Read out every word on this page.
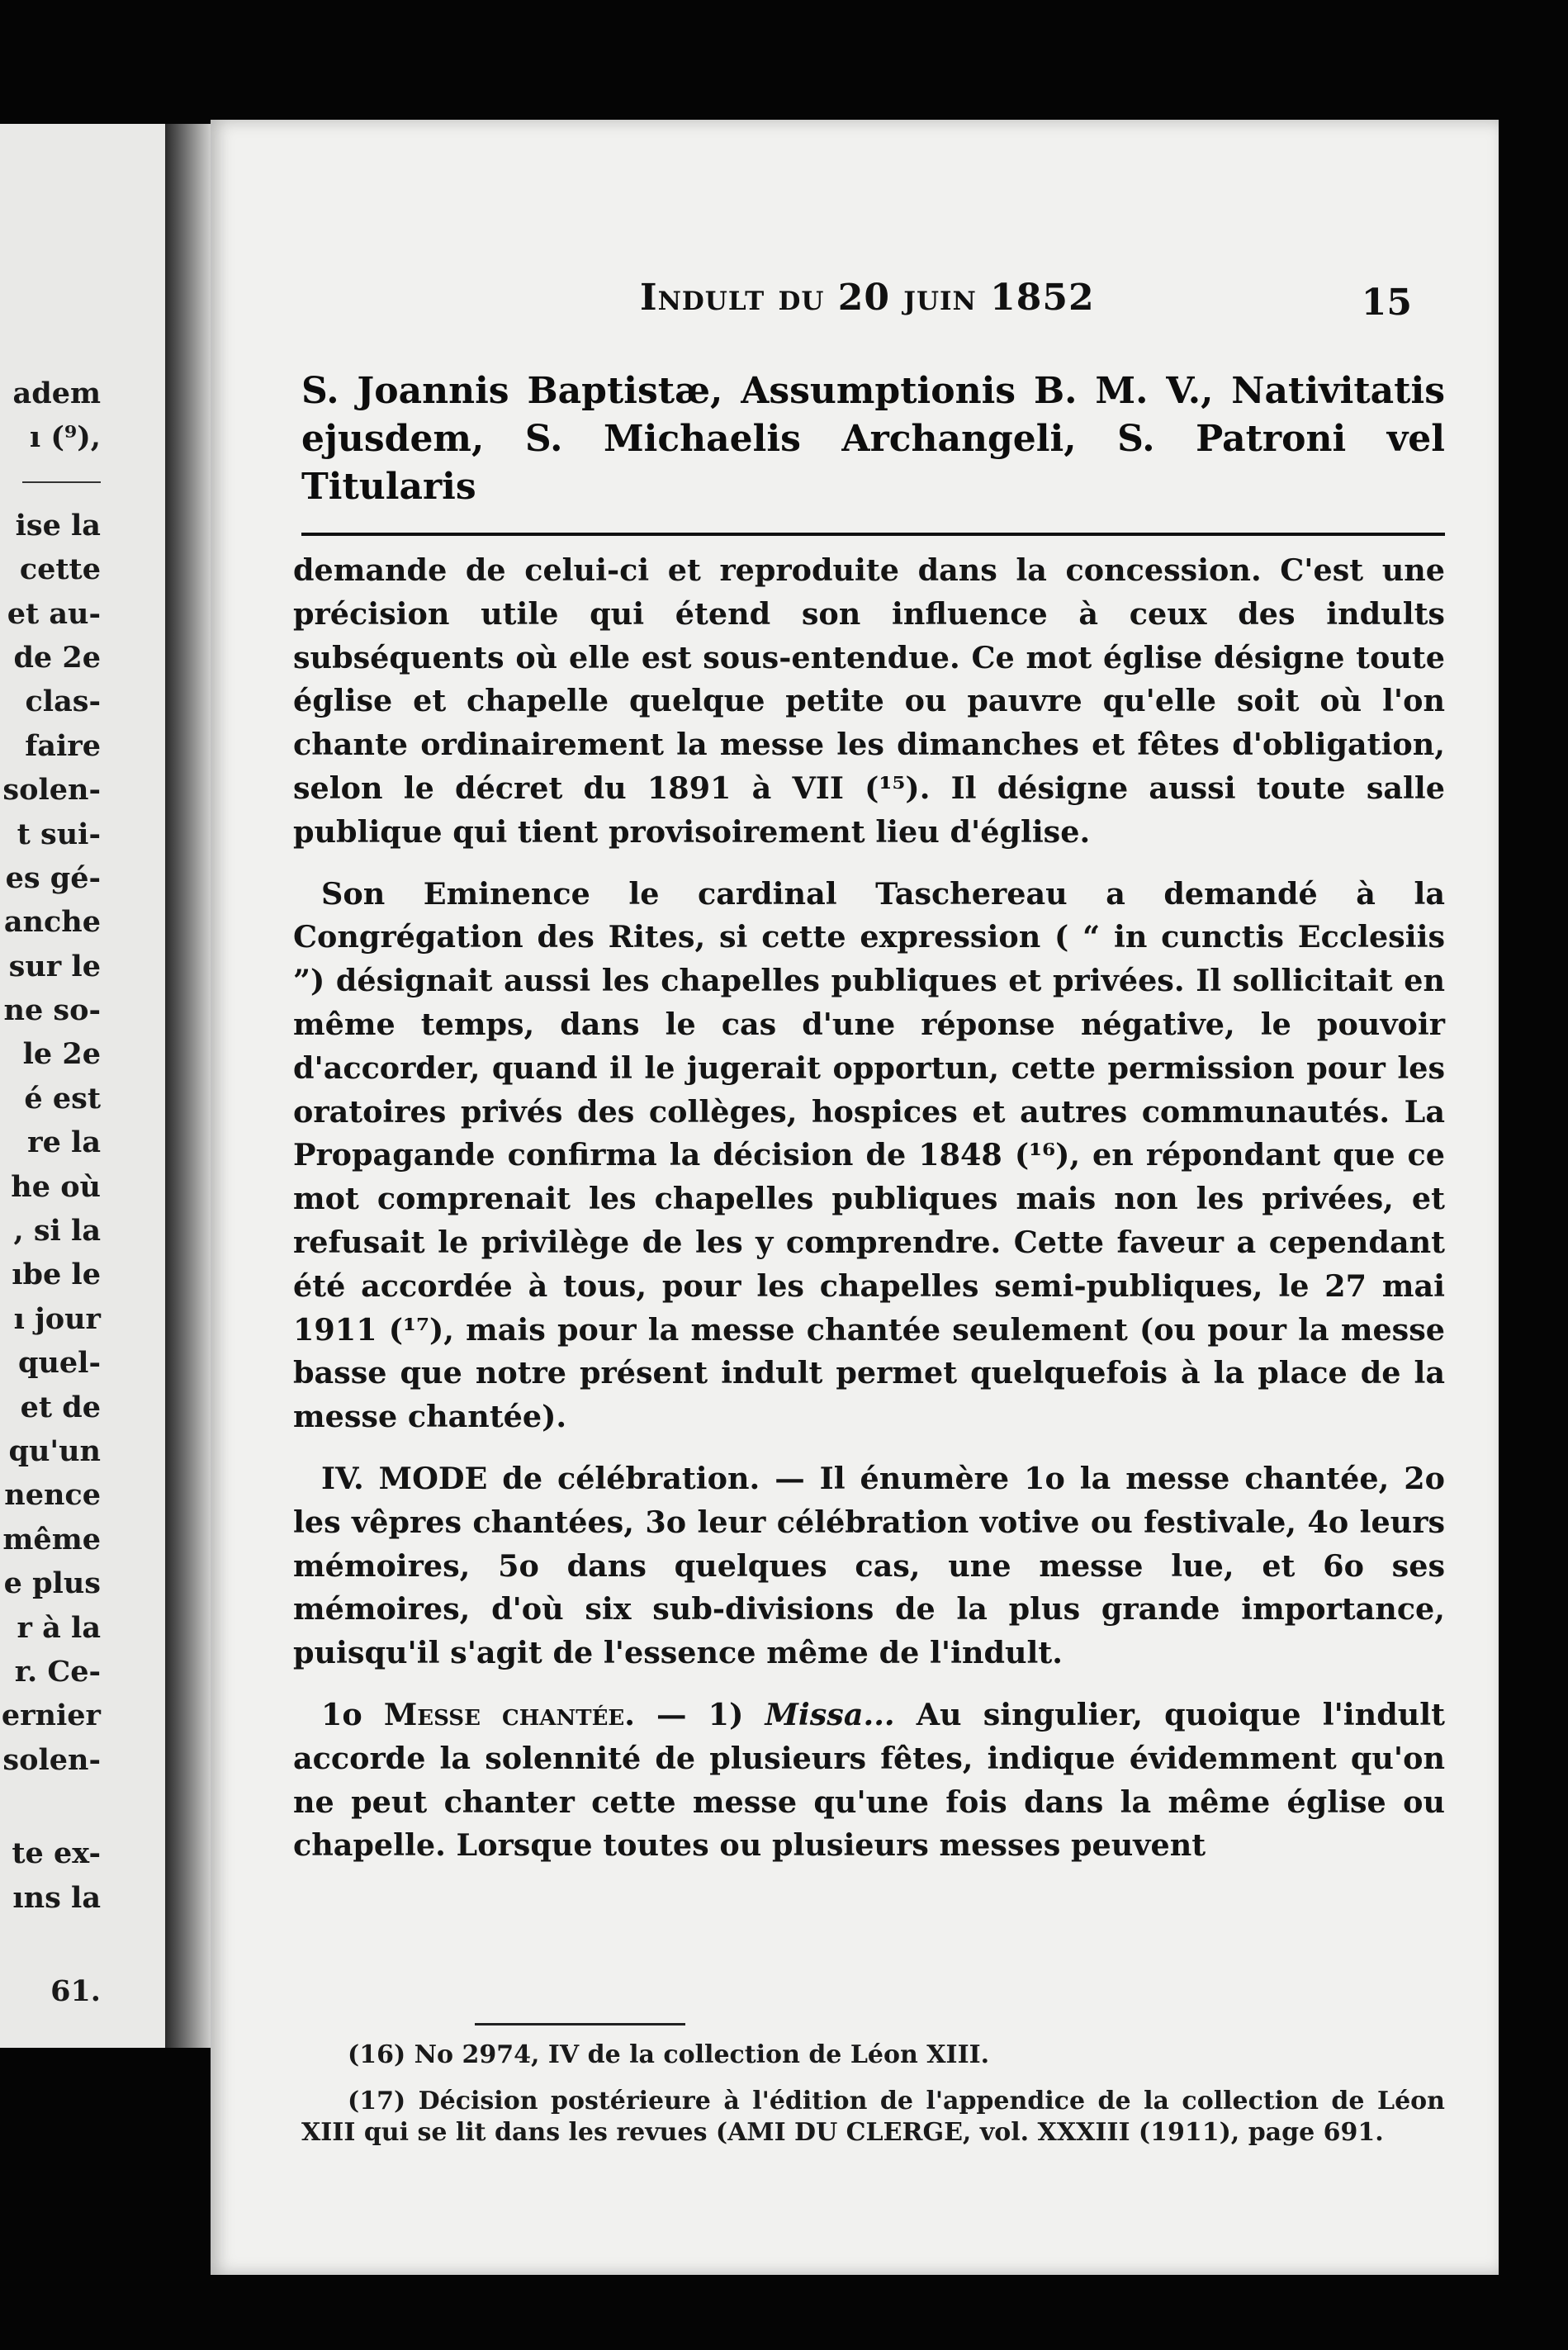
adem
ı (⁹),
ise la
cette
et au-
de 2e
clas-
faire
solen-
t sui-
es gé-
anche
sur le
ne so-
le 2e
é est
re la
he où
, si la
ıbe le
ı jour
quel-
et de
qu'un
nence
même
e plus
r à la
r. Ce-
ernier
solen-
te ex-
ıns la
61.
Indult du 20 juin 1852	15
S. Joannis Baptistæ, Assumptionis B. M. V., Nativitatis ejusdem, S. Michaelis Archangeli, S. Patroni vel Titularis

demande de celui-ci et reproduite dans la concession. C'est une précision utile qui étend son influence à ceux des indults subséquents où elle est sous-entendue. Ce mot église désigne toute église et chapelle quelque petite ou pauvre qu'elle soit où l'on chante ordinairement la messe les dimanches et fêtes d'obligation, selon le décret du 1891 à VII (¹⁵). Il désigne aussi toute salle publique qui tient provisoirement lieu d'église.

Son Eminence le cardinal Taschereau a demandé à la Congrégation des Rites, si cette expression ( “ in cunctis Ecclesiis ”) désignait aussi les chapelles publiques et privées. Il sollicitait en même temps, dans le cas d'une réponse négative, le pouvoir d'accorder, quand il le jugerait opportun, cette permission pour les oratoires privés des collèges, hospices et autres communautés. La Propagande confirma la décision de 1848 (¹⁶), en répondant que ce mot comprenait les chapelles publiques mais non les privées, et refusait le privilège de les y comprendre. Cette faveur a cependant été accordée à tous, pour les chapelles semi-publiques, le 27 mai 1911 (¹⁷), mais pour la messe chantée seulement (ou pour la messe basse que notre présent indult permet quelquefois à la place de la messe chantée).

IV. MODE de célébration. — Il énumère 1o la messe chantée, 2o les vêpres chantées, 3o leur célébration votive ou festivale, 4o leurs mémoires, 5o dans quelques cas, une messe lue, et 6o ses mémoires, d'où six sub-divisions de la plus grande importance, puisqu'il s'agit de l'essence même de l'indult.

1o Messe chantée. — 1) Missa... Au singulier, quoique l'indult accorde la solennité de plusieurs fêtes, indique évidemment qu'on ne peut chanter cette messe qu'une fois dans la même église ou chapelle. Lorsque toutes ou plusieurs messes peuvent

(16) No 2974, IV de la collection de Léon XIII.

(17) Décision postérieure à l'édition de l'appendice de la collection de Léon XIII qui se lit dans les revues (AMI DU CLERGE, vol. XXXIII (1911), page 691.
